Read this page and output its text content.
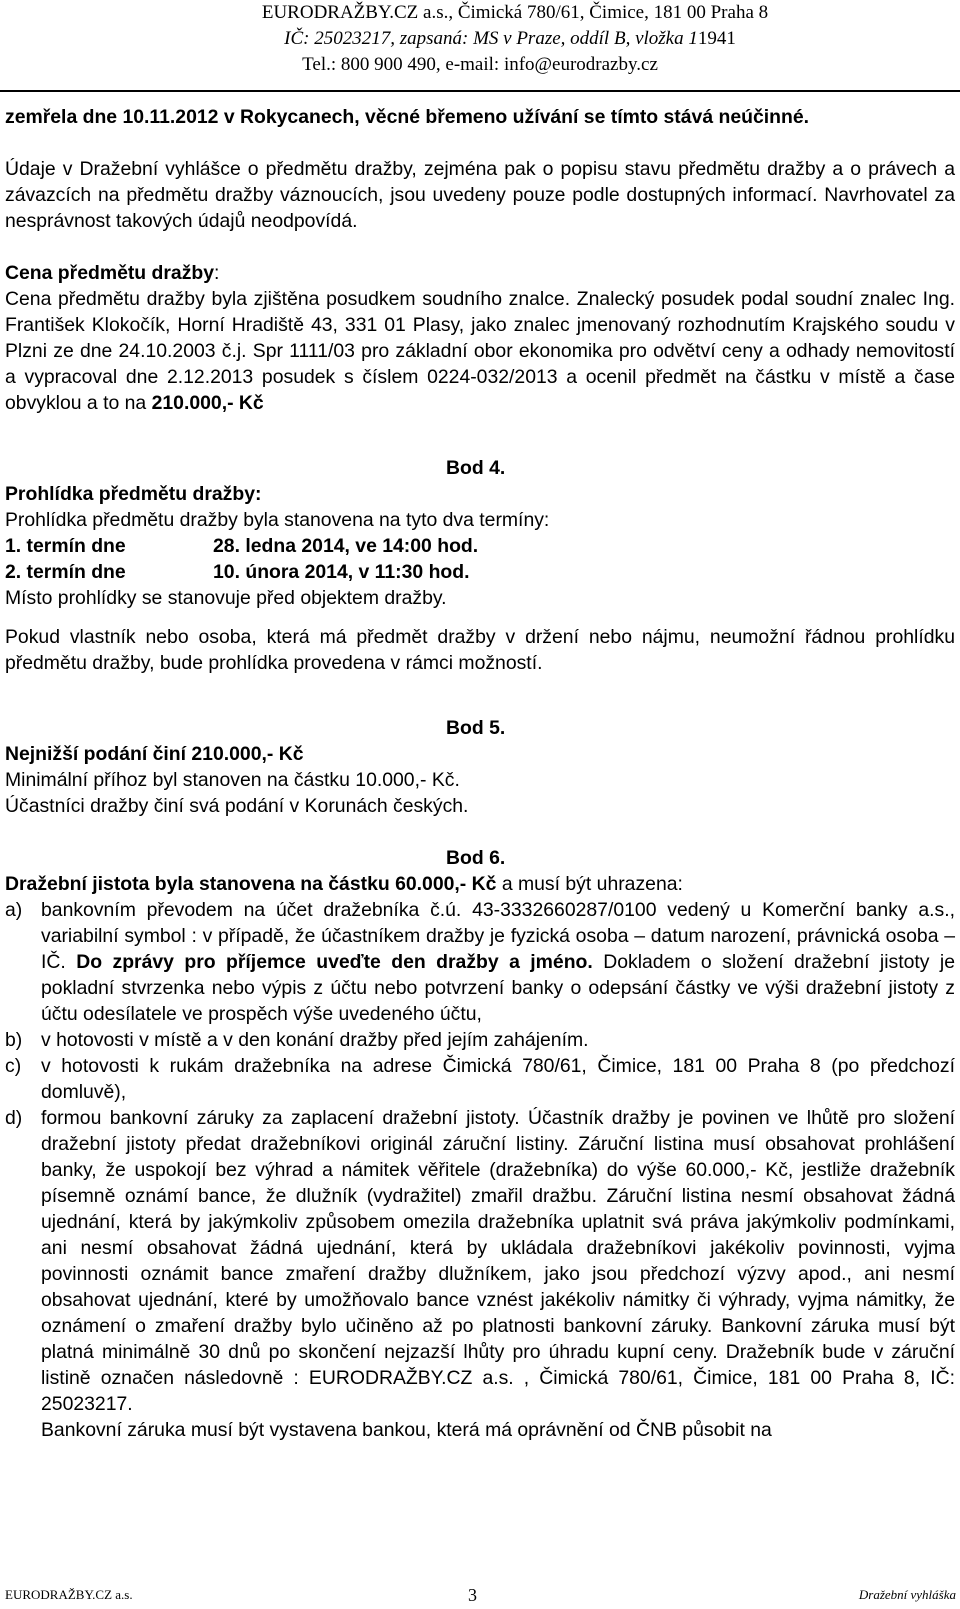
EURODRAŽBY.CZ a.s., Čimická 780/61, Čimice, 181 00 Praha 8
IČ: 25023217, zapsaná: MS v Praze, oddíl B, vložka 11941
Tel.: 800 900 490, e-mail: info@eurodrazby.cz

zemřela dne 10.11.2012 v Rokycanech, věcné břemeno užívání se tímto stává neúčinné.

Údaje v Dražební vyhlášce o předmětu dražby, zejména pak o popisu stavu předmětu dražby a o právech a závazcích na předmětu dražby váznoucích, jsou uvedeny pouze podle dostupných informací. Navrhovatel za nesprávnost takových údajů neodpovídá.

Cena předmětu dražby:

Cena předmětu dražby byla zjištěna posudkem soudního znalce. Znalecký posudek podal soudní znalec Ing. František Klokočík, Horní Hradiště 43, 331 01 Plasy, jako znalec jmenovaný rozhodnutím Krajského soudu v Plzni ze dne 24.10.2003 č.j. Spr 1111/03 pro základní obor ekonomika pro odvětví ceny a odhady nemovitostí a vypracoval dne 2.12.2013 posudek s číslem 0224-032/2013 a ocenil předmět na částku v místě a čase obvyklou a to na 210.000,- Kč

Bod 4.

Prohlídka předmětu dražby:

Prohlídka předmětu dražby byla stanovena na tyto dva termíny:

1. termín dne	28. ledna 2014, ve 14:00 hod.
2. termín dne	10. února 2014, v 11:30 hod.

Místo prohlídky se stanovuje před objektem dražby.

Pokud vlastník nebo osoba, která má předmět dražby v držení nebo nájmu, neumožní řádnou prohlídku předmětu dražby, bude prohlídka provedena v rámci možností.

Bod 5.

Nejnižší podání činí 210.000,- Kč

Minimální příhoz byl stanoven na částku 10.000,- Kč.

Účastníci dražby činí svá podání v Korunách českých.

Bod 6.

Dražební jistota byla stanovena na částku 60.000,- Kč a musí být uhrazena:

a) bankovním převodem na účet dražebníka č.ú. 43-3332660287/0100 vedený u Komerční banky a.s., variabilní symbol : v případě, že účastníkem dražby je fyzická osoba – datum narození, právnická osoba – IČ. Do zprávy pro příjemce uveďte den dražby a jméno. Dokladem o složení dražební jistoty je pokladní stvrzenka nebo výpis z účtu nebo potvrzení banky o odepsání částky ve výši dražební jistoty z účtu odesílatele ve prospěch výše uvedeného účtu,
b) v hotovosti v místě a v den konání dražby před jejím zahájením.
c)	v hotovosti k rukám dražebníka na adrese Čimická 780/61, Čimice, 181 00 Praha 8 (po předchozí domluvě),
d) formou bankovní záruky za zaplacení dražební jistoty. Účastník dražby je povinen ve lhůtě pro složení dražební jistoty předat dražebníkovi originál záruční listiny. Záruční listina musí obsahovat prohlášení banky, že uspokojí bez výhrad a námitek věřitele (dražebníka) do výše 60.000,- Kč, jestliže dražebník písemně oznámí bance, že dlužník (vydražitel) zmařil dražbu. Záruční listina nesmí obsahovat žádná ujednání, která by jakýmkoliv způsobem omezila dražebníka uplatnit svá práva jakýmkoliv podmínkami, ani nesmí obsahovat žádná ujednání, která by ukládala dražebníkovi jakékoliv povinnosti, vyjma povinnosti oznámit bance zmaření dražby dlužníkem, jako jsou předchozí výzvy apod., ani nesmí obsahovat ujednání, které by umožňovalo bance vznést jakékoliv námitky či výhrady, vyjma námitky, že oznámení o zmaření dražby bylo učiněno až po platnosti bankovní záruky. Bankovní záruka musí být platná minimálně 30 dnů po skončení nejzazší lhůty pro úhradu kupní ceny. Dražebník bude v záruční listině označen následovně : EURODRAŽBY.CZ a.s. , Čimická 780/61, Čimice, 181 00 Praha 8, IČ: 25023217.
Bankovní záruka musí být vystavena bankou, která má oprávnění od ČNB působit na
EURODRAŽBY.CZ a.s.	3	Dražební vyhláška
